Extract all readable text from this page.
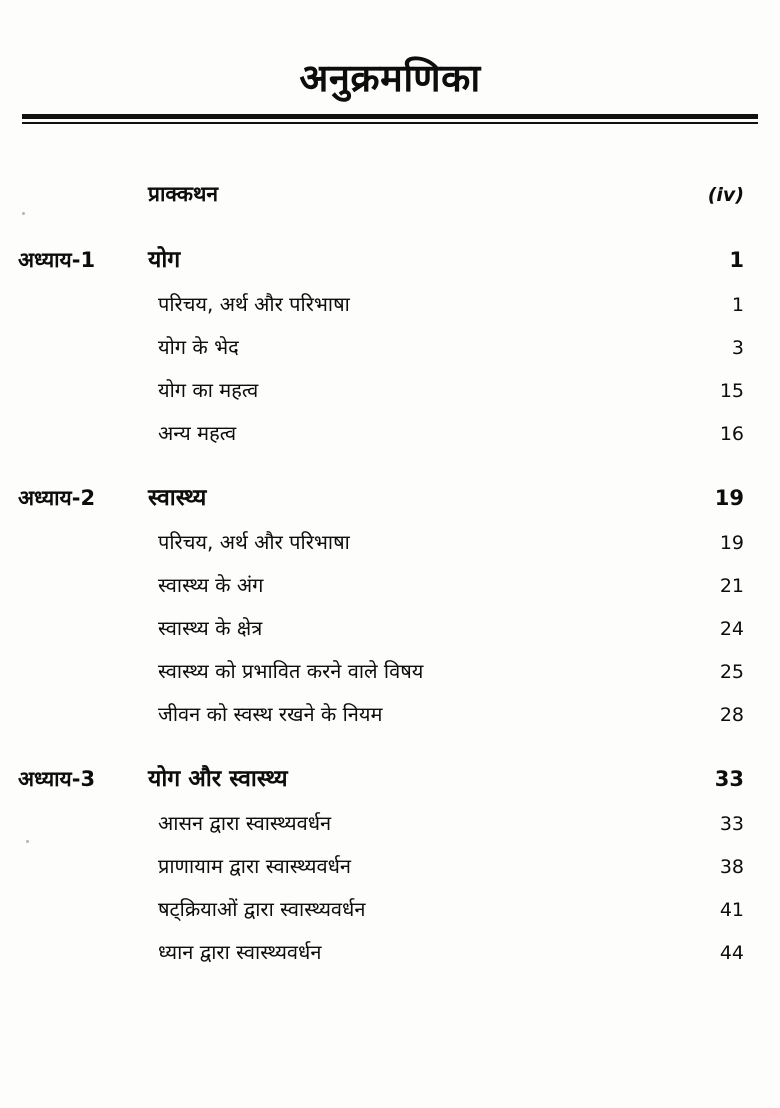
अनुक्रमणिका
प्राक्कथन	(iv)
अध्याय-1	योग	1
परिचय, अर्थ और परिभाषा	1
योग के भेद	3
योग का महत्व	15
अन्य महत्व	16
अध्याय-2	स्वास्थ्य	19
परिचय, अर्थ और परिभाषा	19
स्वास्थ्य के अंग	21
स्वास्थ्य के क्षेत्र	24
स्वास्थ्य को प्रभावित करने वाले विषय	25
जीवन को स्वस्थ रखने के नियम	28
अध्याय-3	योग और स्वास्थ्य	33
आसन द्वारा स्वास्थ्यवर्धन	33
प्राणायाम द्वारा स्वास्थ्यवर्धन	38
षट्क्रियाओं द्वारा स्वास्थ्यवर्धन	41
ध्यान द्वारा स्वास्थ्यवर्धन	44
